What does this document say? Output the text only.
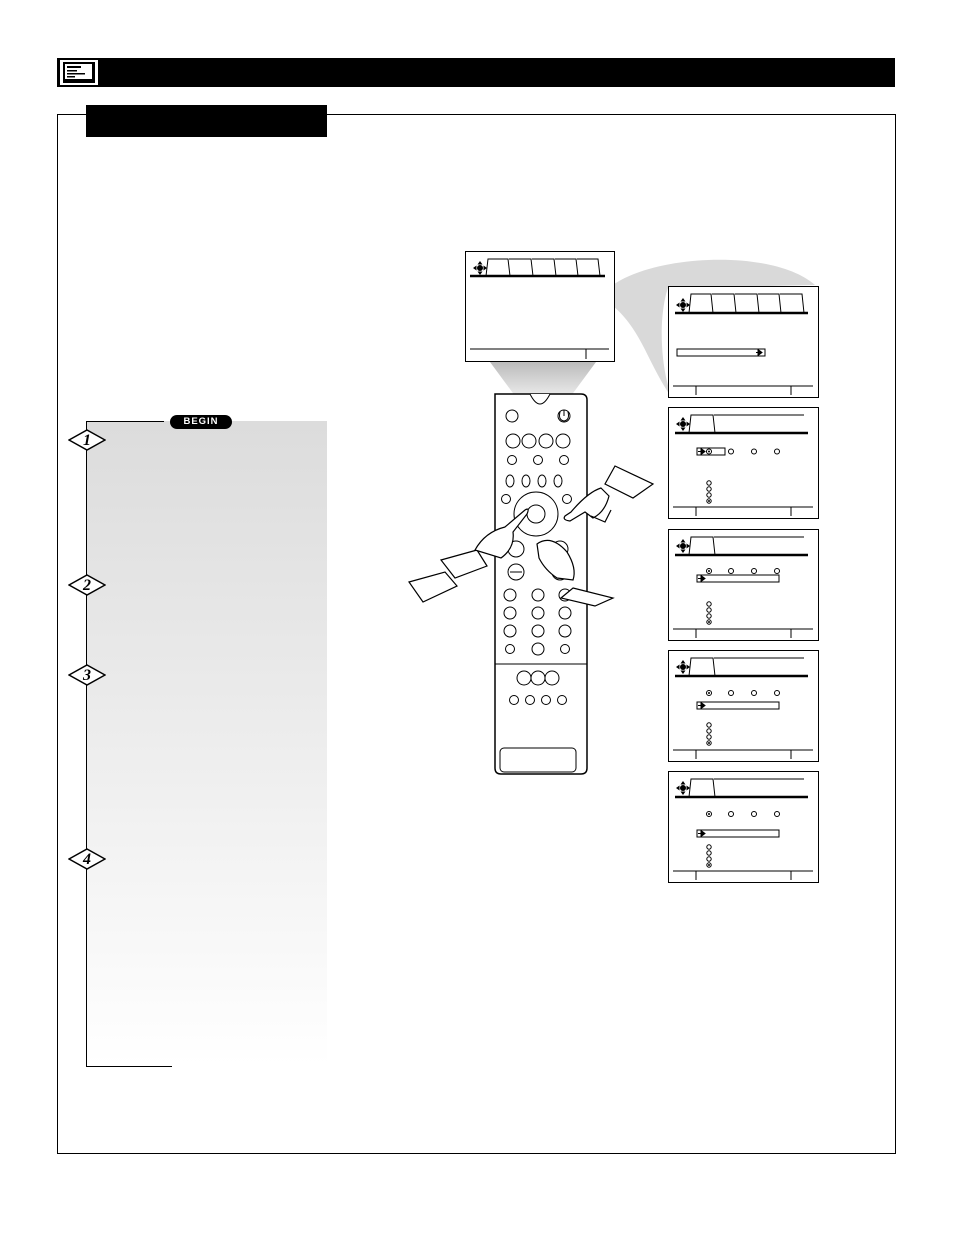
BEGIN
1
2
3
4
